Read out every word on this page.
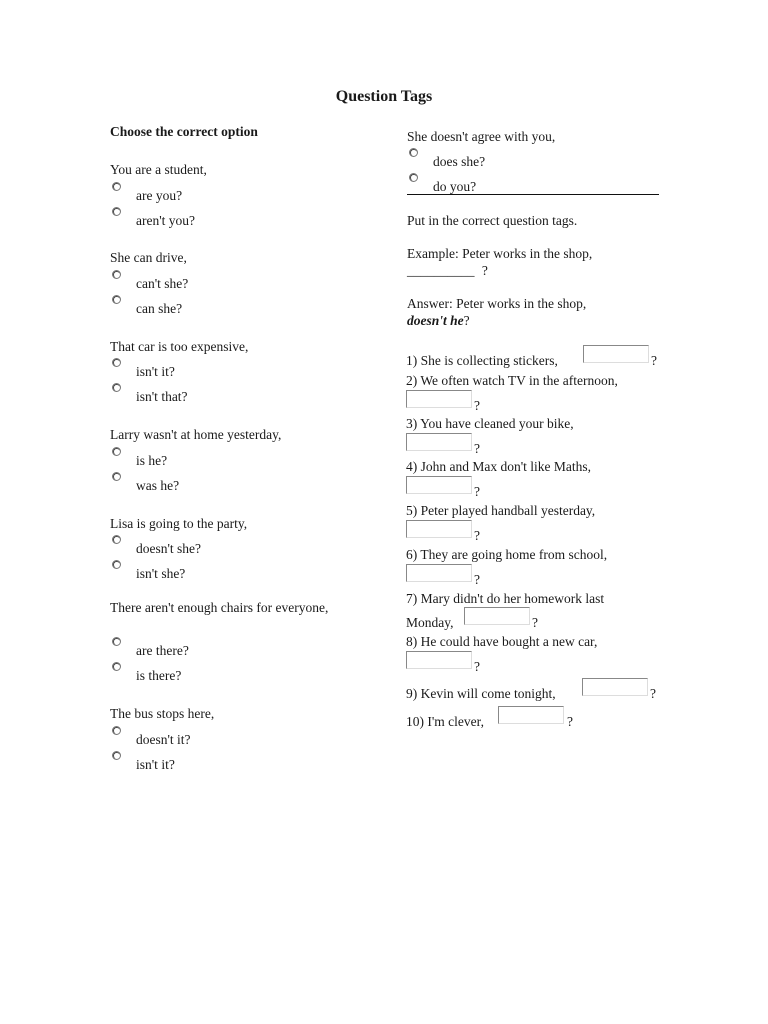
Question Tags
Choose the correct option
You are a student,
are you?
aren't you?
She can drive,
can't she?
can she?
That car is too expensive,
isn't it?
isn't that?
Larry wasn't at home yesterday,
is he?
was he?
Lisa is going to the party,
doesn't she?
isn't she?
There aren't enough chairs for everyone,
are there?
is there?
The bus stops here,
doesn't it?
isn't it?
She doesn't agree with you,
does she?
do you?
Put in the correct question tags.
Example: Peter works in the shop,
__________ ?
Answer: Peter works in the shop,
doesn't he?
1) She is collecting stickers,	?
2) We often watch TV in the afternoon,
?
3) You have cleaned your bike,
?
4) John and Max don't like Maths,
?
5) Peter played handball yesterday,
?
6) They are going home from school,
?
7) Mary didn't do her homework last
Monday,	?
8) He could have bought a new car,
?
9) Kevin will come tonight,	?
10) I'm clever,	?
